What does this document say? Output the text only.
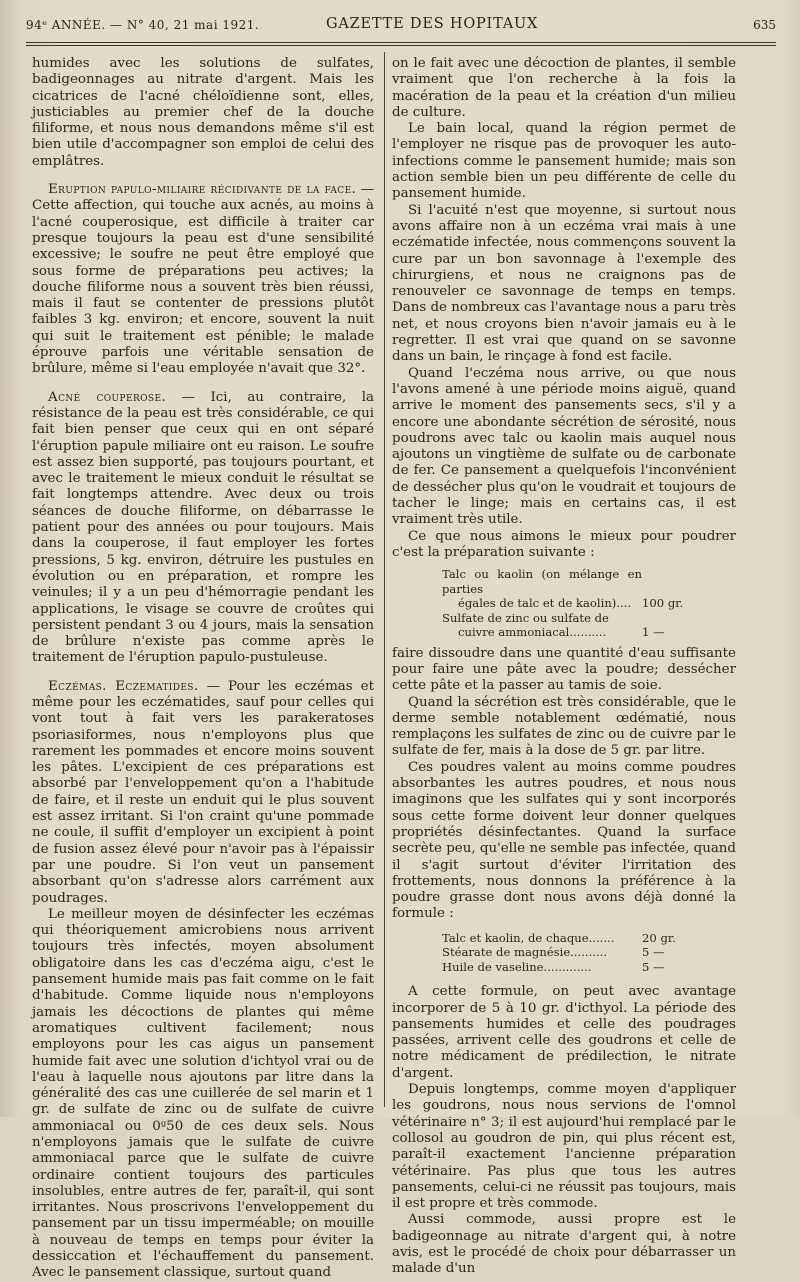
94ᵉ ANNÉE. — N° 40, 21 mai 1921.	GAZETTE DES HOPITAUX	635

humides avec les solutions de sulfates, badigeonnages au nitrate d'argent. Mais les cicatrices de l'acné chéloïdienne sont, elles, justiciables au premier chef de la douche filiforme, et nous nous demandons même s'il est bien utile d'accompagner son emploi de celui des emplâtres.

Eruption papulo-miliaire récidivante de la face. — Cette affection, qui touche aux acnés, au moins à l'acné couperosique, est difficile à traiter car presque toujours la peau est d'une sensibilité excessive; le soufre ne peut être employé que sous forme de préparations peu actives; la douche filiforme nous a souvent très bien réussi, mais il faut se contenter de pressions plutôt faibles 3 kg. environ; et encore, souvent la nuit qui suit le traitement est pénible; le malade éprouve parfois une véritable sensation de brûlure, même si l'eau employée n'avait que 32°.

Acné couperose. — Ici, au contraire, la résistance de la peau est très considérable, ce qui fait bien penser que ceux qui en ont séparé l'éruption papule miliaire ont eu raison. Le soufre est assez bien supporté, pas toujours pourtant, et avec le traitement le mieux conduit le résultat se fait longtemps attendre. Avec deux ou trois séances de douche filiforme, on débarrasse le patient pour des années ou pour toujours. Mais dans la couperose, il faut employer les fortes pressions, 5 kg. environ, détruire les pustules en évolution ou en préparation, et rompre les veinules; il y a un peu d'hémorragie pendant les applications, le visage se couvre de croûtes qui persistent pendant 3 ou 4 jours, mais la sensation de brûlure n'existe pas comme après le traitement de l'éruption papulo-pustuleuse.

Eczémas. Eczematides. — Pour les eczémas et même pour les eczématides, sauf pour celles qui vont tout à fait vers les parakeratoses psoriasiformes, nous n'employons plus que rarement les pommades et encore moins souvent les pâtes. L'excipient de ces préparations est absorbé par l'enveloppement qu'on a l'habitude de faire, et il reste un enduit qui le plus souvent est assez irritant. Si l'on craint qu'une pommade ne coule, il suffit d'employer un excipient à point de fusion assez élevé pour n'avoir pas à l'épaissir par une poudre. Si l'on veut un pansement absorbant qu'on s'adresse alors carrément aux poudrages.

Le meilleur moyen de désinfecter les eczémas qui théoriquement amicrobiens nous arrivent toujours très infectés, moyen absolument obligatoire dans les cas d'eczéma aigu, c'est le pansement humide mais pas fait comme on le fait d'habitude. Comme liquide nous n'employons jamais les décoctions de plantes qui même aromatiques cultivent facilement; nous employons pour les cas aigus un pansement humide fait avec une solution d'ichtyol vrai ou de l'eau à laquelle nous ajoutons par litre dans la généralité des cas une cuillerée de sel marin et 1 gr. de sulfate de zinc ou de sulfate de cuivre ammoniacal ou 0ᵍ50 de ces deux sels. Nous n'employons jamais que le sulfate de cuivre ammoniacal parce que le sulfate de cuivre ordinaire contient toujours des particules insolubles, entre autres de fer, paraît-il, qui sont irritantes. Nous proscrivons l'enveloppement du pansement par un tissu imperméable; on mouille à nouveau de temps en temps pour éviter la dessiccation et l'échauffement du pansement. Avec le pansement classique, surtout quand

on le fait avec une décoction de plantes, il semble vraiment que l'on recherche à la fois la macération de la peau et la création d'un milieu de culture.

Le bain local, quand la région permet de l'employer ne risque pas de provoquer les auto-infections comme le pansement humide; mais son action semble bien un peu différente de celle du pansement humide.

Si l'acuité n'est que moyenne, si surtout nous avons affaire non à un eczéma vrai mais à une eczématide infectée, nous commençons souvent la cure par un bon savonnage à l'exemple des chirurgiens, et nous ne craignons pas de renouveler ce savonnage de temps en temps. Dans de nombreux cas l'avantage nous a paru très net, et nous croyons bien n'avoir jamais eu à le regretter. Il est vrai que quand on se savonne dans un bain, le rinçage à fond est facile.

Quand l'eczéma nous arrive, ou que nous l'avons amené à une période moins aiguë, quand arrive le moment des pansements secs, s'il y a encore une abondante sécrétion de sérosité, nous poudrons avec talc ou kaolin mais auquel nous ajoutons un vingtième de sulfate ou de carbonate de fer. Ce pansement a quelquefois l'inconvénient de dessécher plus qu'on le voudrait et toujours de tacher le linge; mais en certains cas, il est vraiment très utile.

Ce que nous aimons le mieux pour poudrer c'est la préparation suivante :

Talc ou kaolin (on mélange en parties
égales de talc et de kaolin).... 100 gr.
Sulfate de zinc ou sulfate de
cuivre ammoniacal..........	1 —

faire dissoudre dans une quantité d'eau suffisante pour faire une pâte avec la poudre; dessécher cette pâte et la passer au tamis de soie.

Quand la sécrétion est très considérable, que le derme semble notablement œdématié, nous remplaçons les sulfates de zinc ou de cuivre par le sulfate de fer, mais à la dose de 5 gr. par litre.

Ces poudres valent au moins comme poudres absorbantes les autres poudres, et nous nous imaginons que les sulfates qui y sont incorporés sous cette forme doivent leur donner quelques propriétés désinfectantes. Quand la surface secrète peu, qu'elle ne semble pas infectée, quand il s'agit surtout d'éviter l'irritation des frottements, nous donnons la préférence à la poudre grasse dont nous avons déjà donné la formule :

Talc et kaolin, de chaque.......	20 gr.
Stéarate de magnésie..........	5 —
Huile de vaseline.............	5 —

A cette formule, on peut avec avantage incorporer de 5 à 10 gr. d'icthyol. La période des pansements humides et celle des poudrages passées, arrivent celle des goudrons et celle de notre médicament de prédilection, le nitrate d'argent.

Depuis longtemps, comme moyen d'appliquer les goudrons, nous nous servions de l'omnol vétérinaire n° 3; il est aujourd'hui remplacé par le collosol au goudron de pin, qui plus récent est, paraît-il exactement l'ancienne préparation vétérinaire. Pas plus que tous les autres pansements, celui-ci ne réussit pas toujours, mais il est propre et très commode.

Aussi commode, aussi propre est le badigeonnage au nitrate d'argent qui, à notre avis, est le procédé de choix pour débarrasser un malade d'un
